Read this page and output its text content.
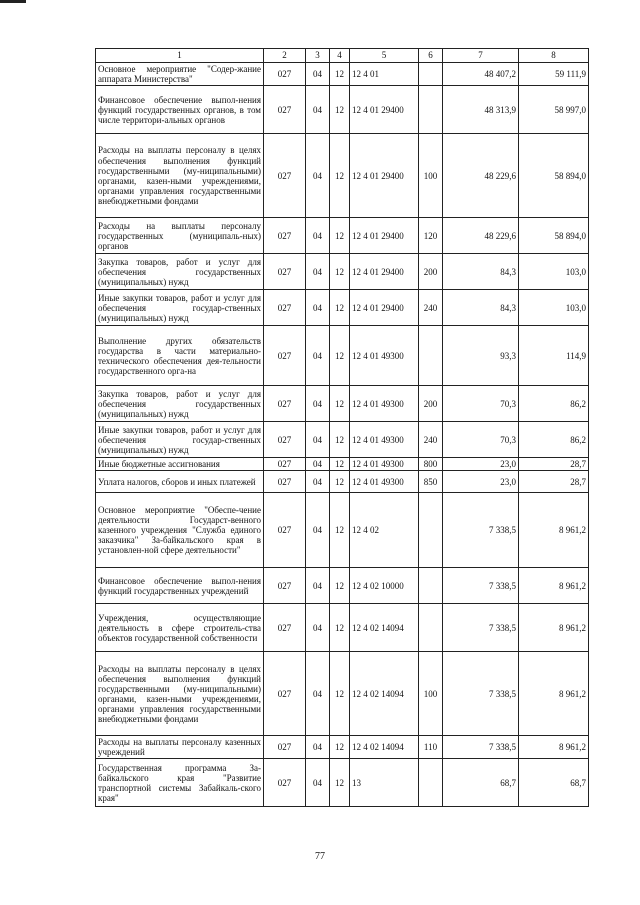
1	2	3	4	5	6	7	8
Основное мероприятие "Содер-жание аппарата Министерства"	027	04	12	12 4 01		48 407,2	59 111,9
Финансовое обеспечение выпол-нения функций государственных органов, в том числе территори-альных органов	027	04	12	12 4 01 29400		48 313,9	58 997,0
Расходы на выплаты персоналу в целях обеспечения выполнения функций государственными (му-ниципальными) органами, казен-ными учреждениями, органами управления государственными внебюджетными фондами	027	04	12	12 4 01 29400	100	48 229,6	58 894,0
Расходы на выплаты персоналу государственных (муниципаль-ных) органов	027	04	12	12 4 01 29400	120	48 229,6	58 894,0
Закупка товаров, работ и услуг для обеспечения государственных (муниципальных) нужд	027	04	12	12 4 01 29400	200	84,3	103,0
Иные закупки товаров, работ и услуг для обеспечения государ-ственных (муниципальных) нужд	027	04	12	12 4 01 29400	240	84,3	103,0
Выполнение других обязательств государства в части материально-технического обеспечения дея-тельности государственного орга-на	027	04	12	12 4 01 49300		93,3	114,9
Закупка товаров, работ и услуг для обеспечения государственных (муниципальных) нужд	027	04	12	12 4 01 49300	200	70,3	86,2
Иные закупки товаров, работ и услуг для обеспечения государ-ственных (муниципальных) нужд	027	04	12	12 4 01 49300	240	70,3	86,2
Иные бюджетные ассигнования	027	04	12	12 4 01 49300	800	23,0	28,7
Уплата налогов, сборов и иных платежей	027	04	12	12 4 01 49300	850	23,0	28,7
Основное мероприятие "Обеспе-чение деятельности Государст-венного казенного учреждения "Служба единого заказчика" За-байкальского края в установлен-ной сфере деятельности"	027	04	12	12 4 02		7 338,5	8 961,2
Финансовое обеспечение выпол-нения функций государственных учреждений	027	04	12	12 4 02 10000		7 338,5	8 961,2
Учреждения, осуществляющие деятельность в сфере строитель-ства объектов государственной собственности	027	04	12	12 4 02 14094		7 338,5	8 961,2
Расходы на выплаты персоналу в целях обеспечения выполнения функций государственными (му-ниципальными) органами, казен-ными учреждениями, органами управления государственными внебюджетными фондами	027	04	12	12 4 02 14094	100	7 338,5	8 961,2
Расходы на выплаты персоналу казенных учреждений	027	04	12	12 4 02 14094	110	7 338,5	8 961,2
Государственная программа За-байкальского края "Развитие транспортной системы Забайкаль-ского края"	027	04	12	13		68,7	68,7
77
